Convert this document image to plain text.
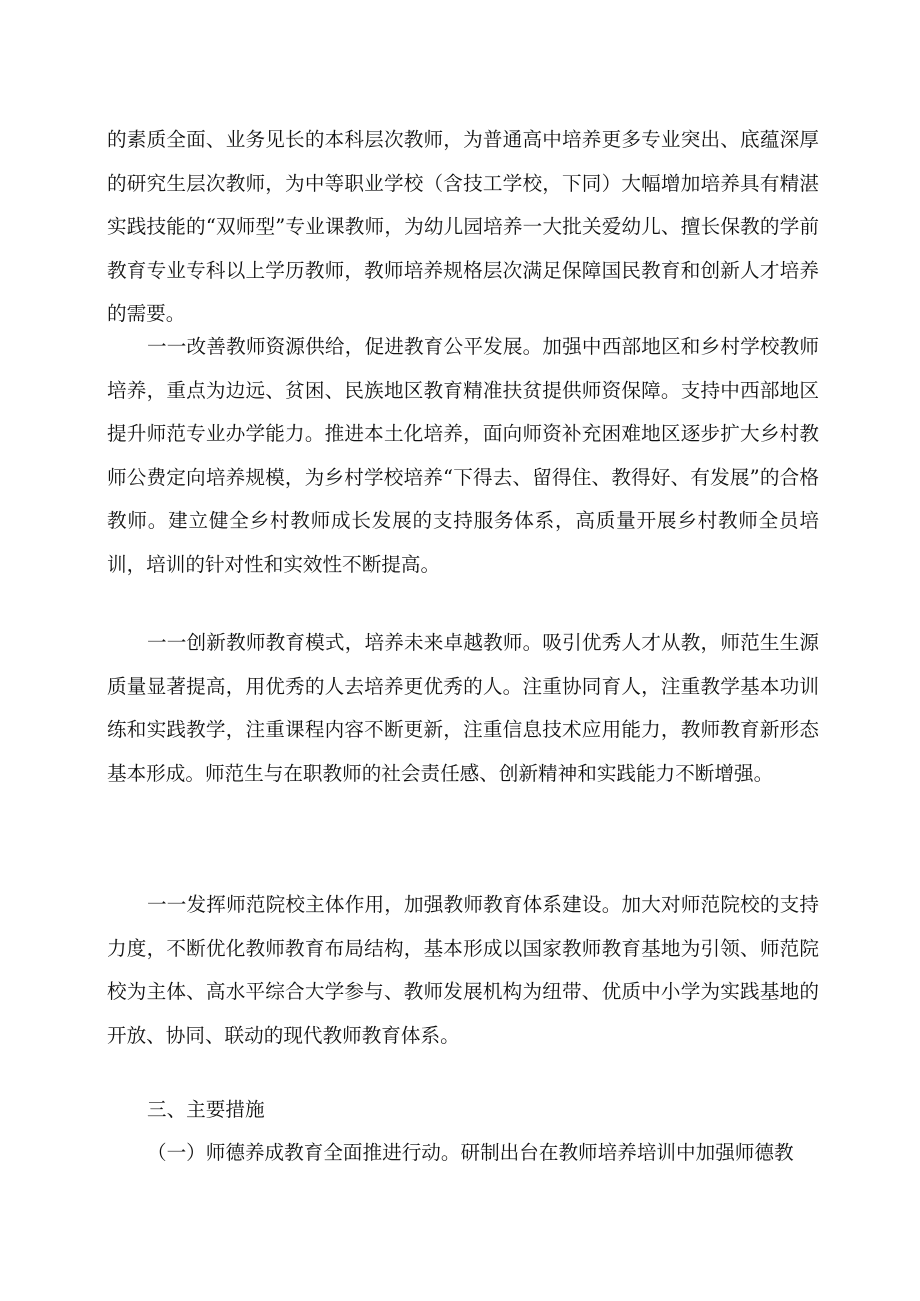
的素质全面、业务见长的本科层次教师，为普通高中培养更多专业突出、底蕴深厚的研究生层次教师，为中等职业学校（含技工学校，下同）大幅增加培养具有精湛实践技能的“双师型”专业课教师，为幼儿园培养一大批关爱幼儿、擅长保教的学前教育专业专科以上学历教师，教师培养规格层次满足保障国民教育和创新人才培养的需要。

一一改善教师资源供给，促进教育公平发展。加强中西部地区和乡村学校教师培养，重点为边远、贫困、民族地区教育精准扶贫提供师资保障。支持中西部地区提升师范专业办学能力。推进本土化培养，面向师资补充困难地区逐步扩大乡村教师公费定向培养规模，为乡村学校培养“下得去、留得住、教得好、有发展”的合格教师。建立健全乡村教师成长发展的支持服务体系，高质量开展乡村教师全员培训，培训的针对性和实效性不断提高。

一一创新教师教育模式，培养未来卓越教师。吸引优秀人才从教，师范生生源质量显著提高，用优秀的人去培养更优秀的人。注重协同育人，注重教学基本功训练和实践教学，注重课程内容不断更新，注重信息技术应用能力，教师教育新形态基本形成。师范生与在职教师的社会责任感、创新精神和实践能力不断增强。

一一发挥师范院校主体作用，加强教师教育体系建设。加大对师范院校的支持力度，不断优化教师教育布局结构，基本形成以国家教师教育基地为引领、师范院校为主体、高水平综合大学参与、教师发展机构为纽带、优质中小学为实践基地的开放、协同、联动的现代教师教育体系。

三、主要措施

（一）师德养成教育全面推进行动。研制出台在教师培养培训中加强师德教
